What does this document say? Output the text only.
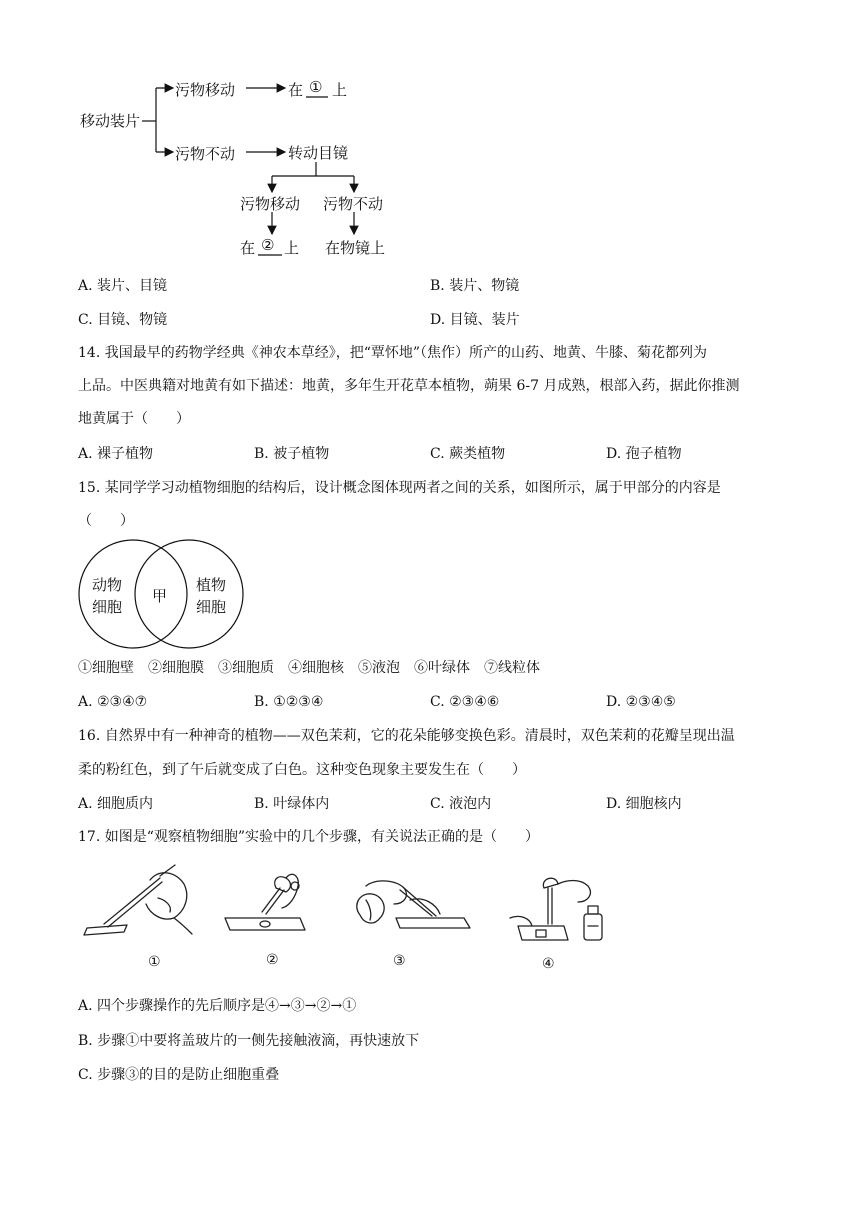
移动装片
污物移动	在 ① 上
污物不动	转动目镜
污物移动 污物不动
在 ② 上 在物镜上
A. 装片、目镜	B. 装片、物镜
C. 目镜、物镜	D. 目镜、装片
14. 我国最早的药物学经典《神农本草经》，把“覃怀地”（焦作）所产的山药、地黄、牛膝、菊花都列为
上品。中医典籍对地黄有如下描述：地黄，多年生开花草本植物，蒴果 6-7 月成熟，根部入药，据此你推测
地黄属于（　　）
A. 裸子植物	B. 被子植物	C. 蕨类植物	D. 孢子植物
15. 某同学学习动植物细胞的结构后，设计概念图体现两者之间的关系，如图所示，属于甲部分的内容是
（　　）
动物
细胞
甲
植物
细胞
①细胞壁　②细胞膜　③细胞质　④细胞核　⑤液泡　⑥叶绿体　⑦线粒体
A. ②③④⑦	B. ①②③④	C. ②③④⑥	D. ②③④⑤
16. 自然界中有一种神奇的植物——双色茉莉，它的花朵能够变换色彩。清晨时，双色茉莉的花瓣呈现出温
柔的粉红色，到了午后就变成了白色。这种变色现象主要发生在（　　）
A. 细胞质内	B. 叶绿体内	C. 液泡内	D. 细胞核内
17. 如图是“观察植物细胞”实验中的几个步骤，有关说法正确的是（　　）
①	②	③	④
A. 四个步骤操作的先后顺序是④→③→②→①
B. 步骤①中要将盖玻片的一侧先接触液滴，再快速放下
C. 步骤③的目的是防止细胞重叠
